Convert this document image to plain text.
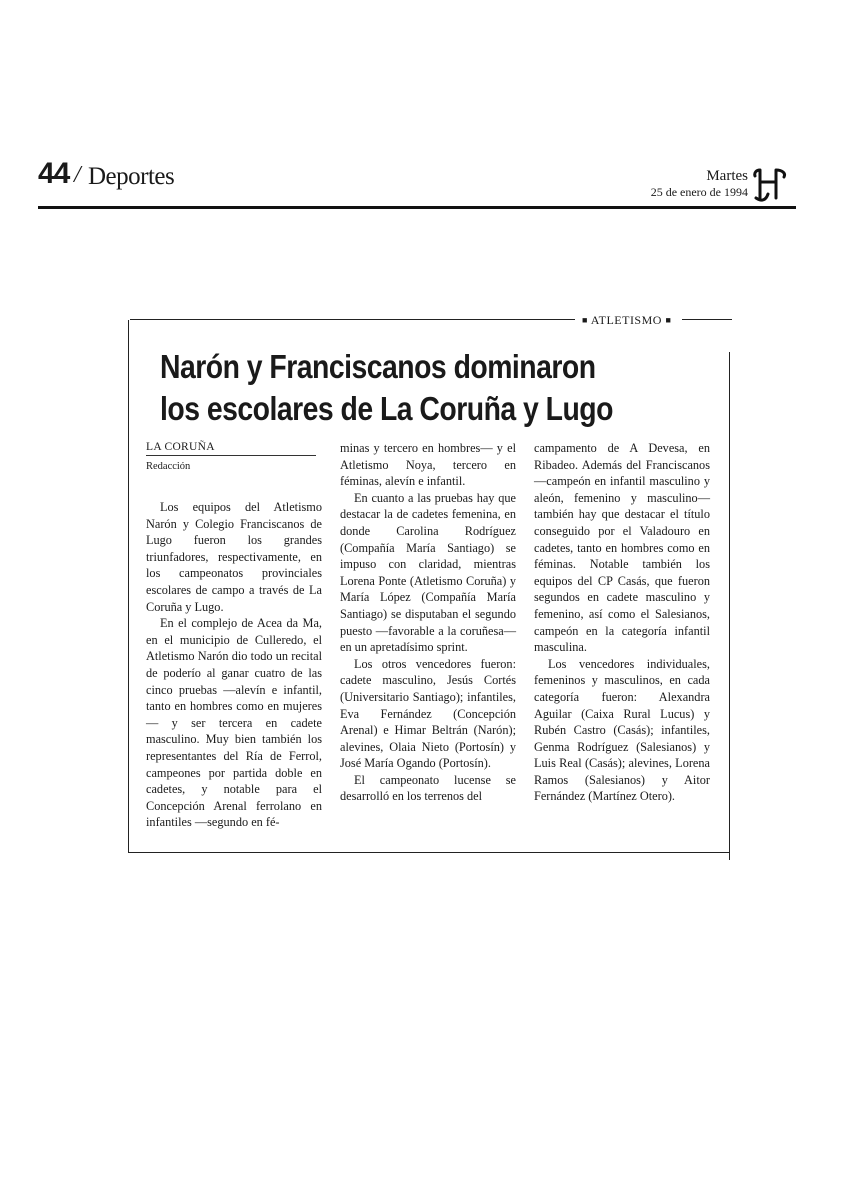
44 / Deportes	Martes
25 de enero de 1994
■ ATLETISMO ■
Narón y Franciscanos dominaron
los escolares de La Coruña y Lugo
LA CORUÑA
Redacción

Los equipos del Atletismo Narón y Colegio Franciscanos de Lugo fueron los grandes triunfadores, respectivamente, en los campeonatos provinciales escolares de campo a través de La Coruña y Lugo.

En el complejo de Acea da Ma, en el municipio de Culleredo, el Atletismo Narón dio todo un recital de poderío al ganar cuatro de las cinco pruebas —alevín e infantil, tanto en hombres como en mujeres— y ser tercera en cadete masculino. Muy bien también los representantes del Ría de Ferrol, campeones por partida doble en cadetes, y notable para el Concepción Arenal ferrolano en infantiles —segundo en fé-

minas y tercero en hombres— y el Atletismo Noya, tercero en féminas, alevín e infantil.

En cuanto a las pruebas hay que destacar la de cadetes femenina, en donde Carolina Rodríguez (Compañía María Santiago) se impuso con claridad, mientras Lorena Ponte (Atletismo Coruña) y María López (Compañía María Santiago) se disputaban el segundo puesto —favorable a la coruñesa— en un apretadísimo sprint.

Los otros vencedores fueron: cadete masculino, Jesús Cortés (Universitario Santiago); infantiles, Eva Fernández (Concepción Arenal) e Himar Beltrán (Narón); alevines, Olaia Nieto (Portosín) y José María Ogando (Portosín).

El campeonato lucense se desarrolló en los terrenos del

campamento de A Devesa, en Ribadeo. Además del Franciscanos —campeón en infantil masculino y aleón, femenino y masculino— también hay que destacar el título conseguido por el Valadouro en cadetes, tanto en hombres como en féminas. Notable también los equipos del CP Casás, que fueron segundos en cadete masculino y femenino, así como el Salesianos, campeón en la categoría infantil masculina.

Los vencedores individuales, femeninos y masculinos, en cada categoría fueron: Alexandra Aguilar (Caixa Rural Lucus) y Rubén Castro (Casás); infantiles, Genma Rodríguez (Salesianos) y Luis Real (Casás); alevines, Lorena Ramos (Salesianos) y Aitor Fernández (Martínez Otero).
